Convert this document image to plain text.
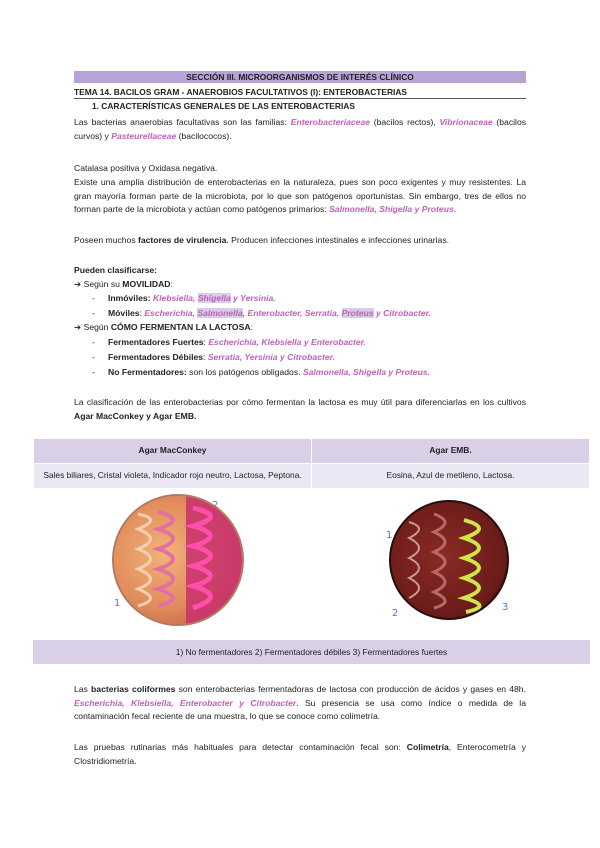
SECCIÓN III. MICROORGANISMOS DE INTERÉS CLÍNICO
TEMA 14. BACILOS GRAM - ANAEROBIOS FACULTATIVOS (I): ENTEROBACTERIAS
1. CARACTERÍSTICAS GENERALES DE LAS ENTEROBACTERIAS
Las bacterias anaerobias facultativas son las familias: Enterobacteriaceae (bacilos rectos), Vibrionaceae (bacilos curvos) y Pasteurellaceae (bacilococos).
Catalasa positiva y Oxidasa negativa.
Existe una amplia distribución de enterobacterias en la naturaleza, pues son poco exigentes y muy resistentes. La gran mayoría forman parte de la microbiota, por lo que son patógenos oportunistas. Sin embargo, tres de ellos no forman parte de la microbiota y actúan como patógenos primarios: Salmonella, Shigella y Proteus.
Poseen muchos factores de virulencia. Producen infecciones intestinales e infecciones urinarias.
Pueden clasificarse:
➔ Según su MOVILIDAD:
- Inmóviles: Klebsiella, Shigella y Yersinia.
- Móviles: Escherichia, Salmonella, Enterobacter, Serratia, Proteus y Citrobacter.
➔ Según CÓMO FERMENTAN LA LACTOSA:
- Fermentadores Fuertes: Escherichia, Klebsiella y Enterobacter.
- Fermentadores Débiles: Serratia, Yersinia y Citrobacter.
- No Fermentadores: son los patógenos obligados. Salmonella, Shigella y Proteus.
La clasificación de las enterobacterias por cómo fermentan la lactosa es muy útil para diferenciarlas en los cultivos Agar MacConkey y Agar EMB.
Agar MacConkey	Agar EMB.
Sales biliares, Cristal violeta, Indicador rojo neutro, Lactosa, Peptona.	Eosina, Azul de metileno, Lactosa.
2
1
2
1
3
1) No fermentadores 2) Fermentadores débiles 3) Fermentadores fuertes
Las bacterias coliformes son enterobacterias fermentadoras de lactosa con producción de ácidos y gases en 48h. Escherichia, Klebsiella, Enterobacter y Citrobacter. Su presencia se usa como índice o medida de la contaminación fecal reciente de una muestra, lo que se conoce como colimetría.
Las pruebas rutinarias más habituales para detectar contaminación fecal son: Colimetría, Enterocometría y Clostridiometría.
